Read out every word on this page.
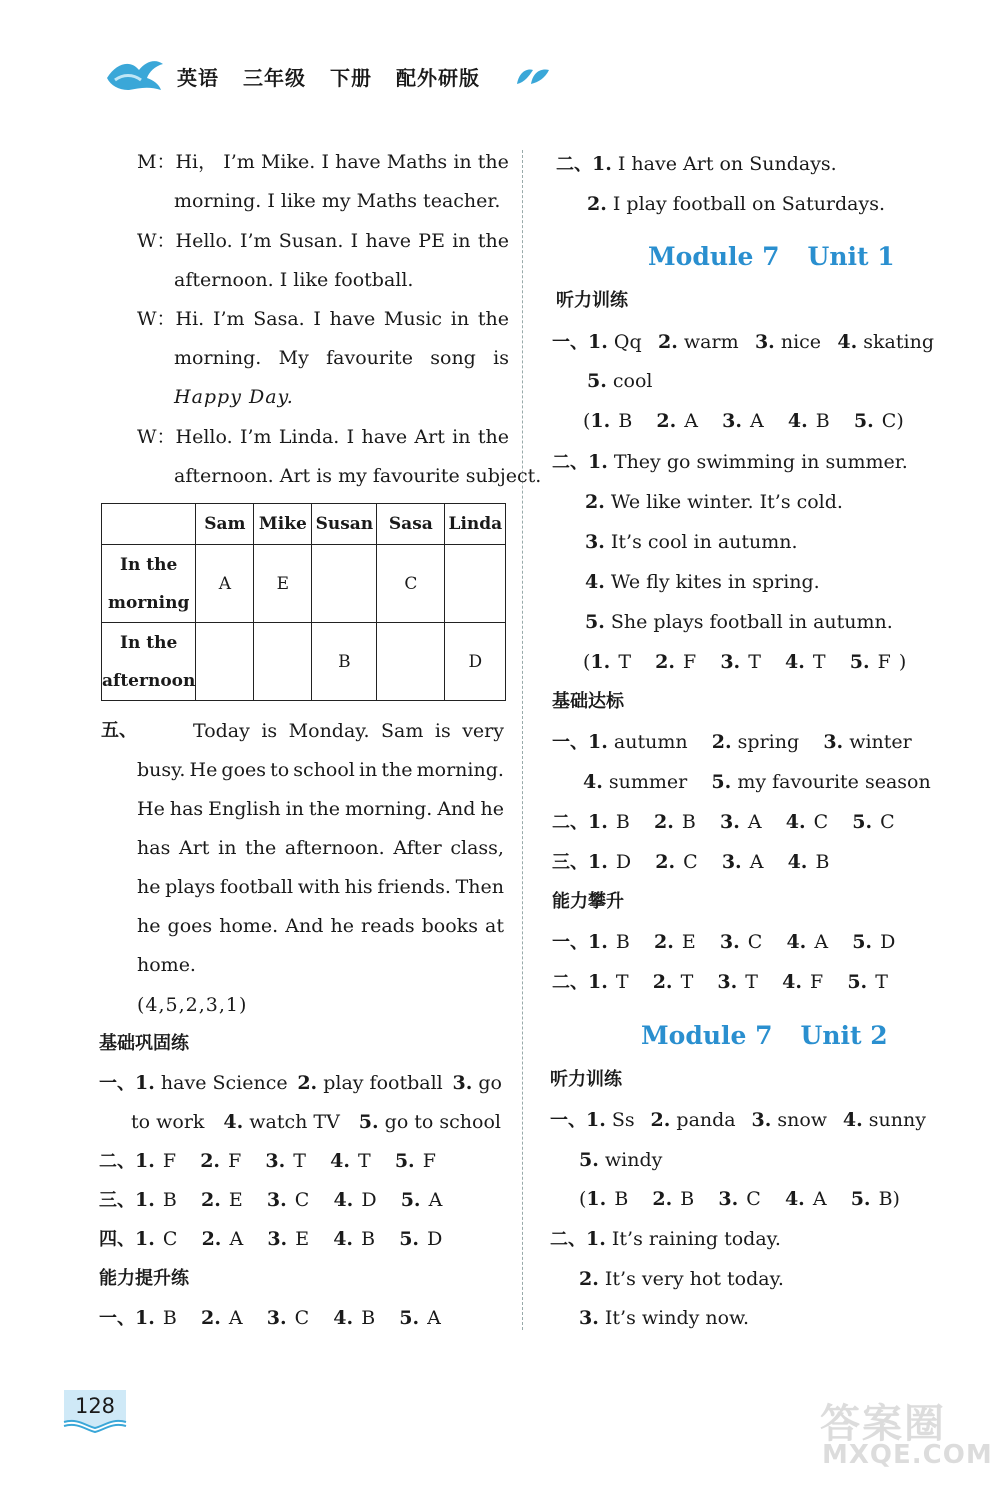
英语 三年级 下册 配外研版
M：Hi， I’m Mike. I have Maths in the
morning. I like my Maths teacher.
W：Hello. I’m Susan. I have PE in the
afternoon. I like football.
W：Hi. I’m Sasa. I have Music in the
morning. My favourite song is
Happy Day.
W：Hello. I’m Linda. I have Art in the
afternoon. Art is my favourite subject.
	Sam	Mike	Susan	Sasa	Linda

In the
morning	A	E		C	

In the
afternoon			B		D
五、	Today is Monday. Sam is very
busy. He goes to school in the morning.
He has English in the morning. And he
has Art in the afternoon. After class,
he plays football with his friends. Then
he goes home. And he reads books at
home.
(4,5,2,3,1)
基础巩固练
一、1. have Science 2. play football 3. go
to work 4. watch TV 5. go to school
二、1. F 2. F 3. T 4. T 5. F
三、1. B 2. E 3. C 4. D 5. A
四、1. C 2. A 3. E 4. B 5. D
能力提升练
一、1. B 2. A 3. C 4. B 5. A
二、1. I have Art on Sundays.
2. I play football on Saturdays.
Module 7 Unit 1
听力训练
一、1. Qq 2. warm 3. nice 4. skating
5. cool
(1. B 2. A 3. A 4. B 5. C)
二、1. They go swimming in summer.
2. We like winter. It’s cold.
3. It’s cool in autumn.
4. We fly kites in spring.
5. She plays football in autumn.
(1. T 2. F 3. T 4. T 5. F )
基础达标
一、1. autumn 2. spring 3. winter
4. summer 5. my favourite season
二、1. B 2. B 3. A 4. C 5. C
三、1. D 2. C 3. A 4. B
能力攀升
一、1. B 2. E 3. C 4. A 5. D
二、1. T 2. T 3. T 4. F 5. T
Module 7 Unit 2
听力训练
一、1. Ss 2. panda 3. snow 4. sunny
5. windy
(1. B 2. B 3. C 4. A 5. B)
二、1. It’s raining today.
2. It’s very hot today.
3. It’s windy now.
128	答案圈
MXQE.COM
